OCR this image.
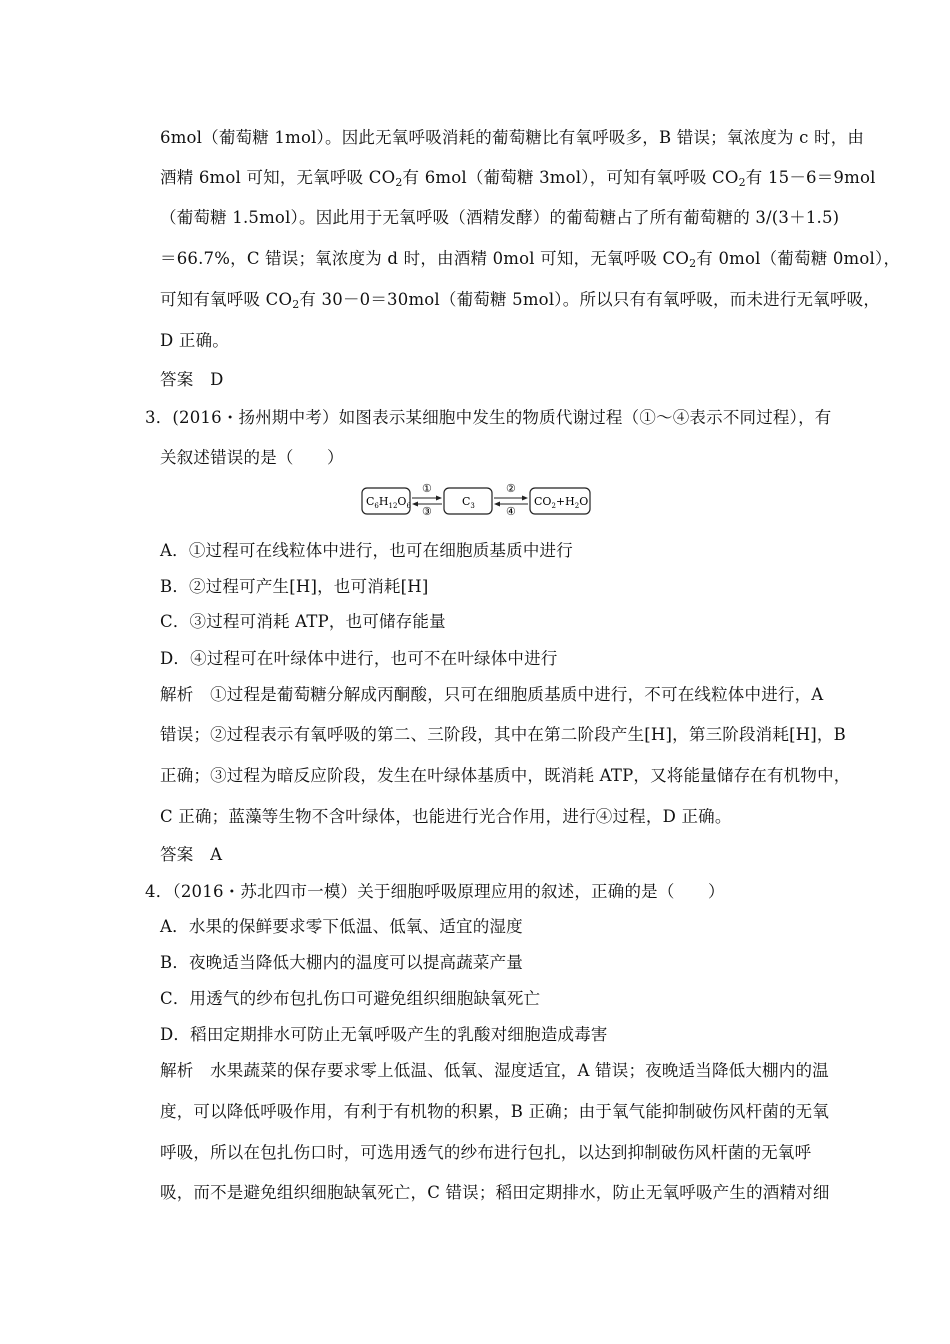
6mol（葡萄糖 1mol）。因此无氧呼吸消耗的葡萄糖比有氧呼吸多，B 错误；氧浓度为 c 时，由
酒精 6mol 可知，无氧呼吸 $CO_2$有 6mol（葡萄糖 3mol），可知有氧呼吸 $CO_2$有 15－6＝9mol
（葡萄糖 1.5mol）。因此用于无氧呼吸（酒精发酵）的葡萄糖占了所有葡萄糖的 3/(3＋1.5)
＝66.7%，C 错误；氧浓度为 d 时，由酒精 0mol 可知，无氧呼吸 $CO_2$有 0mol（葡萄糖 0mol），
可知有氧呼吸 $CO_2$有 30－0＝30mol（葡萄糖 5mol）。所以只有有氧呼吸，而未进行无氧呼吸，
D 正确。
答案　D
3．(2016・扬州期中考）如图表示某细胞中发生的物质代谢过程（①～④表示不同过程），有
关叙述错误的是（　　）
$C_6H_{12}O_6$	$C_3$	$CO_2+H_2O$
①
③
②
④
A．①过程可在线粒体中进行，也可在细胞质基质中进行
B．②过程可产生[H]，也可消耗[H]
C．③过程可消耗 ATP，也可储存能量
D．④过程可在叶绿体中进行，也可不在叶绿体中进行
解析　①过程是葡萄糖分解成丙酮酸，只可在细胞质基质中进行，不可在线粒体中进行，A
错误；②过程表示有氧呼吸的第二、三阶段，其中在第二阶段产生[H]，第三阶段消耗[H]，B
正确；③过程为暗反应阶段，发生在叶绿体基质中，既消耗 ATP，又将能量储存在有机物中，
C 正确；蓝藻等生物不含叶绿体，也能进行光合作用，进行④过程，D 正确。
答案　A
4．（2016・苏北四市一模）关于细胞呼吸原理应用的叙述，正确的是（　　）
A．水果的保鲜要求零下低温、低氧、适宜的湿度
B．夜晚适当降低大棚内的温度可以提高蔬菜产量
C．用透气的纱布包扎伤口可避免组织细胞缺氧死亡
D．稻田定期排水可防止无氧呼吸产生的乳酸对细胞造成毒害
解析　水果蔬菜的保存要求零上低温、低氧、湿度适宜，A 错误；夜晚适当降低大棚内的温
度，可以降低呼吸作用，有利于有机物的积累，B 正确；由于氧气能抑制破伤风杆菌的无氧
呼吸，所以在包扎伤口时，可选用透气的纱布进行包扎，以达到抑制破伤风杆菌的无氧呼
吸，而不是避免组织细胞缺氧死亡，C 错误；稻田定期排水，防止无氧呼吸产生的酒精对细
